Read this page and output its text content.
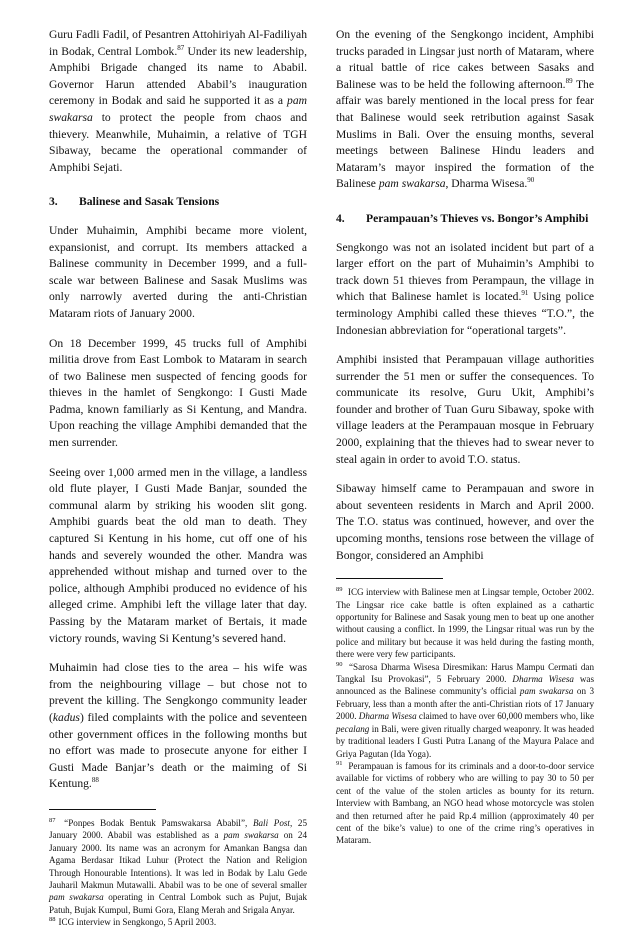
Guru Fadli Fadil, of Pesantren Attohiriyah Al-Fadiliyah in Bodak, Central Lombok.$^{87}$ Under its new leadership, Amphibi Brigade changed its name to Ababil. Governor Harun attended Ababil’s inauguration ceremony in Bodak and said he supported it as a pam swakarsa to protect the people from chaos and thievery. Meanwhile, Muhaimin, a relative of TGH Sibaway, became the operational commander of Amphibi Sejati.

3.	Balinese and Sasak Tensions

Under Muhaimin, Amphibi became more violent, expansionist, and corrupt. Its members attacked a Balinese community in December 1999, and a full-scale war between Balinese and Sasak Muslims was only narrowly averted during the anti-Christian Mataram riots of January 2000.

On 18 December 1999, 45 trucks full of Amphibi militia drove from East Lombok to Mataram in search of two Balinese men suspected of fencing goods for thieves in the hamlet of Sengkongo: I Gusti Made Padma, known familiarly as Si Kentung, and Mandra. Upon reaching the village Amphibi demanded that the men surrender.

Seeing over 1,000 armed men in the village, a landless old flute player, I Gusti Made Banjar, sounded the communal alarm by striking his wooden slit gong. Amphibi guards beat the old man to death. They captured Si Kentung in his home, cut off one of his hands and severely wounded the other. Mandra was apprehended without mishap and turned over to the police, although Amphibi produced no evidence of his alleged crime. Amphibi left the village later that day. Passing by the Mataram market of Bertais, it made victory rounds, waving Si Kentung’s severed hand.

Muhaimin had close ties to the area – his wife was from the neighbouring village – but chose not to prevent the killing. The Sengkongo community leader (kadus) filed complaints with the police and seventeen other government offices in the following months but no effort was made to prosecute anyone for either I Gusti Made Banjar’s death or the maiming of Si Kentung.$^{88}$

$^{87}$ “Ponpes Bodak Bentuk Pamswakarsa Ababil”, Bali Post, 25 January 2000. Ababil was established as a pam swakarsa on 24 January 2000. Its name was an acronym for Amankan Bangsa dan Agama Berdasar Itikad Luhur (Protect the Nation and Religion Through Honourable Intentions). It was led in Bodak by Lalu Gede Jauharil Makmun Mutawalli. Ababil was to be one of several smaller pam swakarsa operating in Central Lombok such as Pujut, Bujak Patuh, Bujak Kumpul, Bumi Gora, Elang Merah and Srigala Anyar.

$^{88}$ ICG interview in Sengkongo, 5 April 2003.

On the evening of the Sengkongo incident, Amphibi trucks paraded in Lingsar just north of Mataram, where a ritual battle of rice cakes between Sasaks and Balinese was to be held the following afternoon.$^{89}$ The affair was barely mentioned in the local press for fear that Balinese would seek retribution against Sasak Muslims in Bali. Over the ensuing months, several meetings between Balinese Hindu leaders and Mataram’s mayor inspired the formation of the Balinese pam swakarsa, Dharma Wisesa.$^{90}$

4.	Perampauan’s Thieves vs. Bongor’s Amphibi

Sengkongo was not an isolated incident but part of a larger effort on the part of Muhaimin’s Amphibi to track down 51 thieves from Perampaun, the village in which that Balinese hamlet is located.$^{91}$ Using police terminology Amphibi called these thieves “T.O.”, the Indonesian abbreviation for “operational targets”.

Amphibi insisted that Perampauan village authorities surrender the 51 men or suffer the consequences. To communicate its resolve, Guru Ukit, Amphibi’s founder and brother of Tuan Guru Sibaway, spoke with village leaders at the Perampauan mosque in February 2000, explaining that the thieves had to swear never to steal again in order to avoid T.O. status.

Sibaway himself came to Perampauan and swore in about seventeen residents in March and April 2000. The T.O. status was continued, however, and over the upcoming months, tensions rose between the village of Bongor, considered an Amphibi

$^{89}$ ICG interview with Balinese men at Lingsar temple, October 2002. The Lingsar rice cake battle is often explained as a cathartic opportunity for Balinese and Sasak young men to beat up one another without causing a conflict. In 1999, the Lingsar ritual was run by the police and military but because it was held during the fasting month, there were very few participants.

$^{90}$ “Sarosa Dharma Wisesa Diresmikan: Harus Mampu Cermati dan Tangkal Isu Provokasi”, 5 February 2000. Dharma Wisesa was announced as the Balinese community’s official pam swakarsa on 3 February, less than a month after the anti-Christian riots of 17 January 2000. Dharma Wisesa claimed to have over 60,000 members who, like pecalang in Bali, were given ritually charged weaponry. It was headed by traditional leaders I Gusti Putra Lanang of the Mayura Palace and Griya Pagutan (Ida Yoga).

$^{91}$ Perampauan is famous for its criminals and a door-to-door service available for victims of robbery who are willing to pay 30 to 50 per cent of the value of the stolen articles as bounty for its return. Interview with Bambang, an NGO head whose motorcycle was stolen and then returned after he paid Rp.4 million (approximately 40 per cent of the bike’s value) to one of the crime ring’s operatives in Mataram.
